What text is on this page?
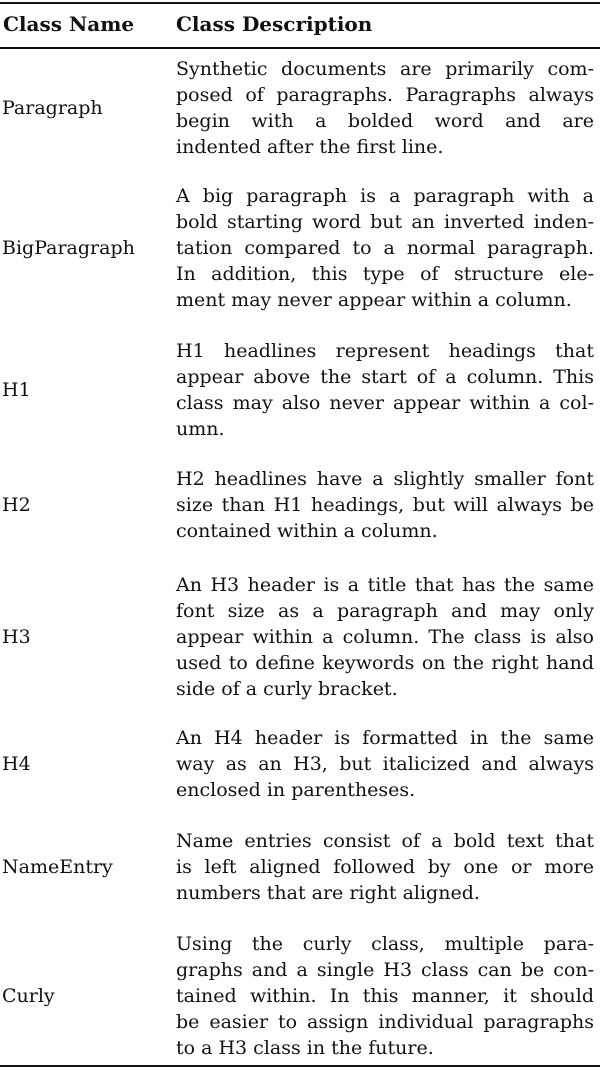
Class Name Class Description
Paragraph
Synthetic documents are primarily com-
posed of paragraphs. Paragraphs always
begin with a bolded word and are
indented after the first line.
BigParagraph
A big paragraph is a paragraph with a
bold starting word but an inverted inden-
tation compared to a normal paragraph.
In addition, this type of structure ele-
ment may never appear within a column.
H1
H1 headlines represent headings that
appear above the start of a column. This
class may also never appear within a col-
umn.
H2
H2 headlines have a slightly smaller font
size than H1 headings, but will always be
contained within a column.
H3
An H3 header is a title that has the same
font size as a paragraph and may only
appear within a column. The class is also
used to define keywords on the right hand
side of a curly bracket.
H4
An H4 header is formatted in the same
way as an H3, but italicized and always
enclosed in parentheses.
NameEntry
Name entries consist of a bold text that
is left aligned followed by one or more
numbers that are right aligned.
Curly
Using the curly class, multiple para-
graphs and a single H3 class can be con-
tained within. In this manner, it should
be easier to assign individual paragraphs
to a H3 class in the future.
